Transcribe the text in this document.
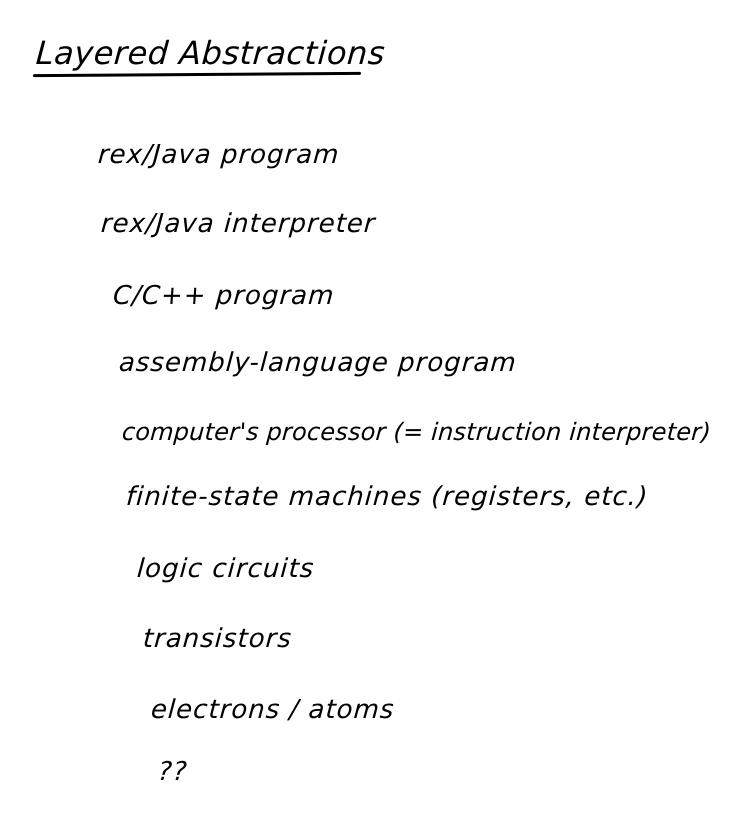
Layered Abstractions
rex/Java program
rex/Java interpreter
C/C++ program
assembly-language program
computer's processor (= instruction interpreter)
finite-state machines (registers, etc.)
logic circuits
transistors
electrons / atoms
??
